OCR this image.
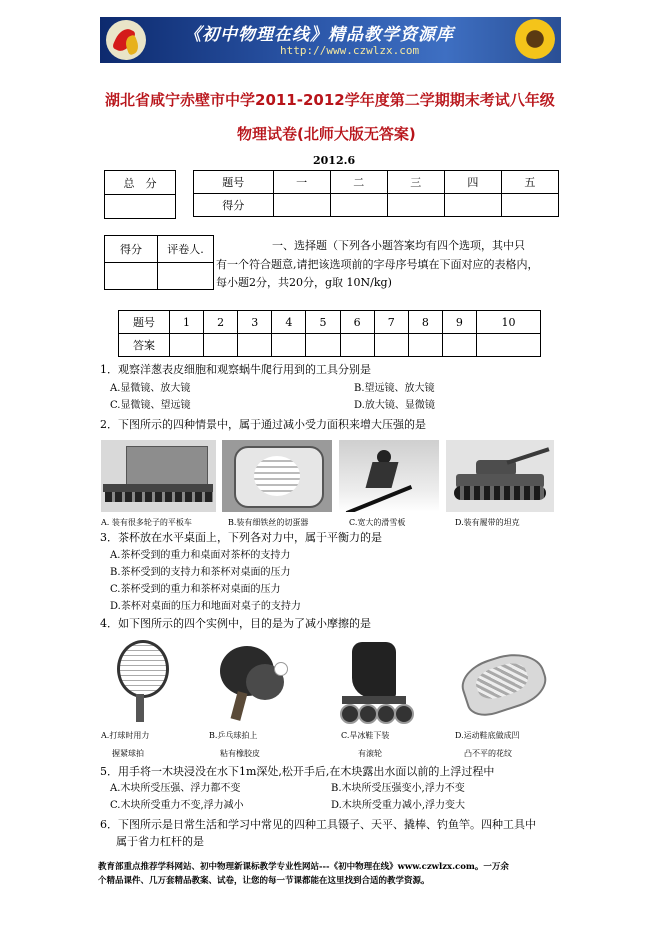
《初中物理在线》精品教学资源库
http://www.czwlzx.com
湖北省咸宁赤壁市中学2011-2012学年度第二学期期末考试八年级
物理试卷(北师大版无答案)
2012.6
总　分	题号	一	二	三	四	五
得分					
得分	评卷人.
		一、选择题（下列各小题答案均有四个选项，其中只
有一个符合题意,请把该选项前的字母序号填在下面对应的表格内，
每小题2分，共20分，g取 10N/kg)
题号	1	2	3	4	5	6	7	8	9	10
答案										
1．观察洋葱表皮细胞和观察蜗牛爬行用到的工具分别是
A.显微镜、放大镜	B.望远镜、放大镜
C.显微镜、望远镜	D.放大镜、显微镜
2．下图所示的四种情景中，属于通过减小受力面积来增大压强的是
A. 装有很多轮子的平板车	B.装有细铁丝的切蛋器	C.宽大的滑雪板	D.装有履带的坦克
3．茶杯放在水平桌面上，下列各对力中，属于平衡力的是
A.茶杯受到的重力和桌面对茶杯的支持力
B.茶杯受到的支持力和茶杯对桌面的压力
C.茶杯受到的重力和茶杯对桌面的压力
D.茶杯对桌面的压力和地面对桌子的支持力
4．如下图所示的四个实例中，目的是为了减小摩擦的是
A.打球时用力
握紧球拍
B.乒乓球拍上
粘有橡胶皮
C.旱冰鞋下装
有滚轮
D.运动鞋底做成凹
凸不平的花纹
5．用手将一木块浸没在水下1m深处,松开手后,在木块露出水面以前的上浮过程中
A.木块所受压强、浮力都不变	B.木块所受压强变小,浮力不变
C.木块所受重力不变,浮力减小	D.木块所受重力减小,浮力变大
6．下图所示是日常生活和学习中常见的四种工具镊子、天平、撬棒、钓鱼竿。四种工具中
属于省力杠杆的是
教育部重点推荐学科网站、初中物理新课标教学专业性网站---《初中物理在线》www.czwlzx.com。一万余
个精品课件、几万套精品教案、试卷，让您的每一节课都能在这里找到合适的教学资源。
